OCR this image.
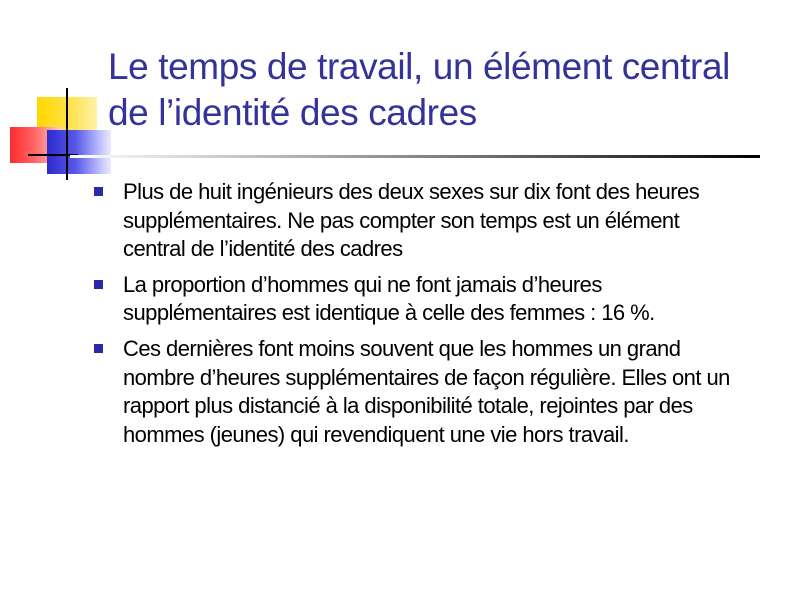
Le temps de travail, un élément central
de l’identité des cadres
Plus de huit ingénieurs des deux sexes sur dix font des heures
supplémentaires. Ne pas compter son temps est un élément
central de l’identité des cadres
La proportion d’hommes qui ne font jamais d’heures
supplémentaires est identique à celle des femmes : 16 %.
Ces dernières font moins souvent que les hommes un grand
nombre d’heures supplémentaires de façon régulière. Elles ont un
rapport plus distancié à la disponibilité totale, rejointes par des
hommes (jeunes) qui revendiquent une vie hors travail.
